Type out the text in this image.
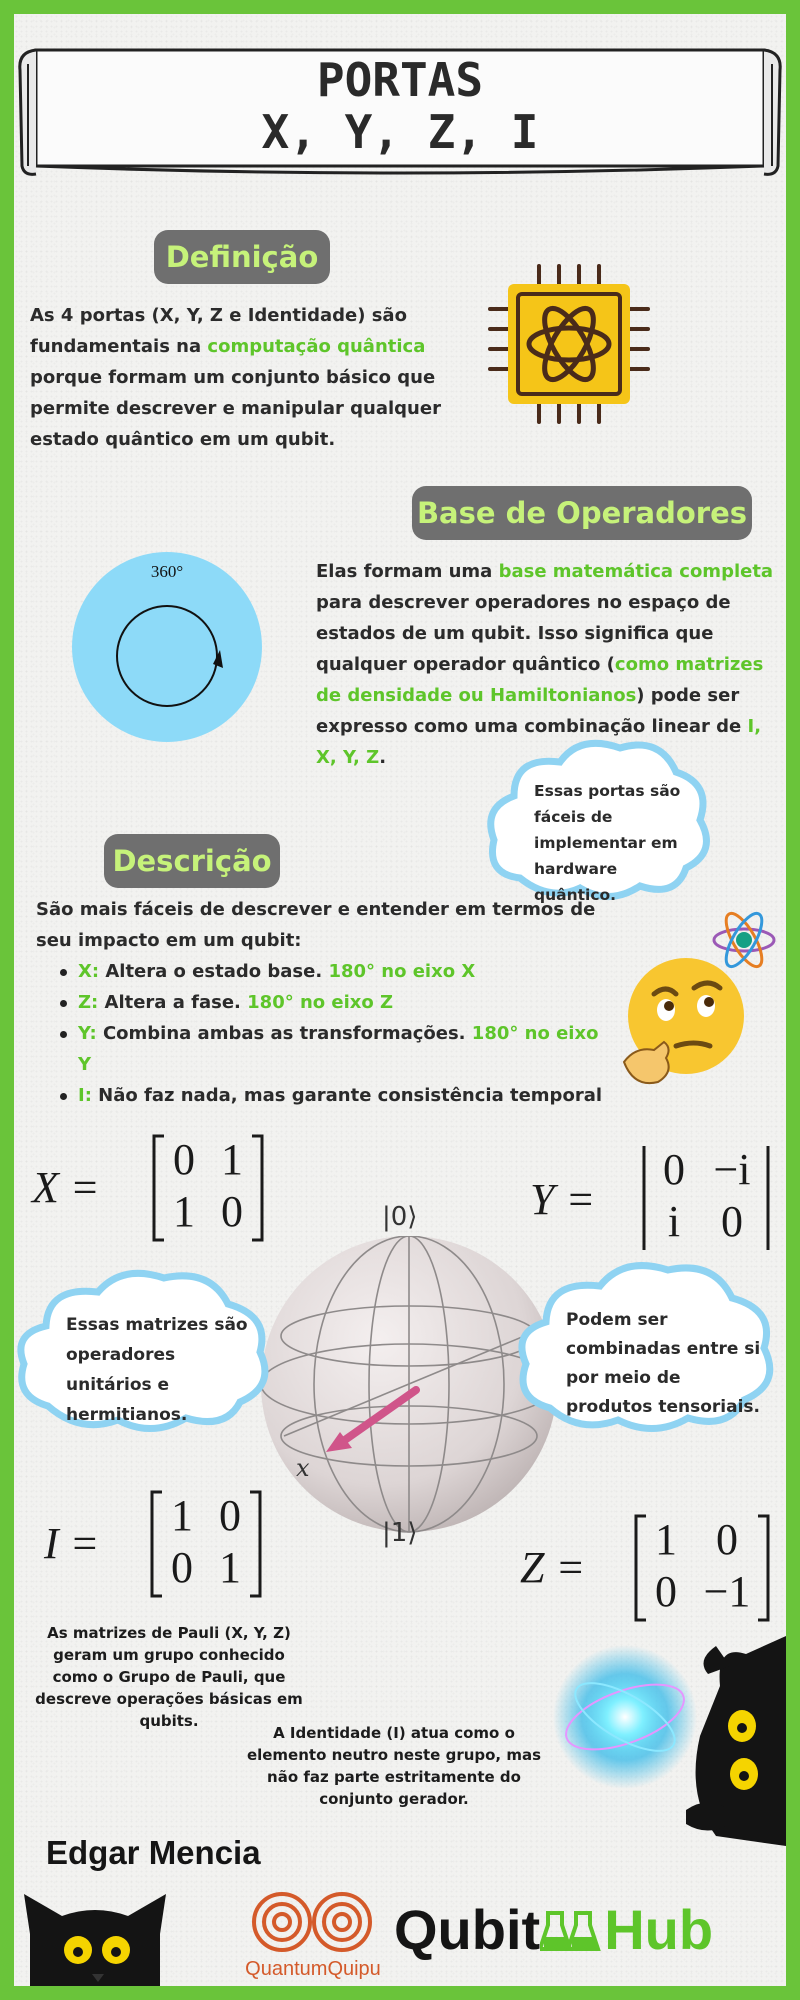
PORTAS
X, Y, Z, I
Definição
As 4 portas (X, Y, Z e Identidade) são fundamentais na computação quântica porque formam um conjunto básico que permite descrever e manipular qualquer estado quântico em um qubit.
Base de Operadores
360°	Elas formam uma base matemática completa para descrever operadores no espaço de estados de um qubit. Isso significa que qualquer operador quântico (como matrizes de densidade ou Hamiltonianos) pode ser expresso como uma combinação linear de I, X, Y, Z.
Essas portas são fáceis de implementar em hardware quântico.
Descrição
São mais fáceis de descrever e entender em termos de seu impacto em um qubit:
X: Altera o estado base. 180° no eixo X
Z: Altera a fase. 180° no eixo Z
Y: Combina ambas as transformações. 180° no eixo Y
I: Não faz nada, mas garante consistência temporal
X =
0 1
1 0	Y =
0 −i
i 0
|0⟩
|1⟩
x
Essas matrizes são operadores unitários e hermitianos.
Podem ser combinadas entre si por meio de produtos tensoriais.
I =
1 0
0 1	Z =
1 0
0 −1
As matrizes de Pauli (X, Y, Z) geram um grupo conhecido como o Grupo de Pauli, que descreve operações básicas em qubits.
A Identidade (I) atua como o elemento neutro neste grupo, mas não faz parte estritamente do conjunto gerador.
Edgar Mencia
QuantumQuipu
Qubit Hub
